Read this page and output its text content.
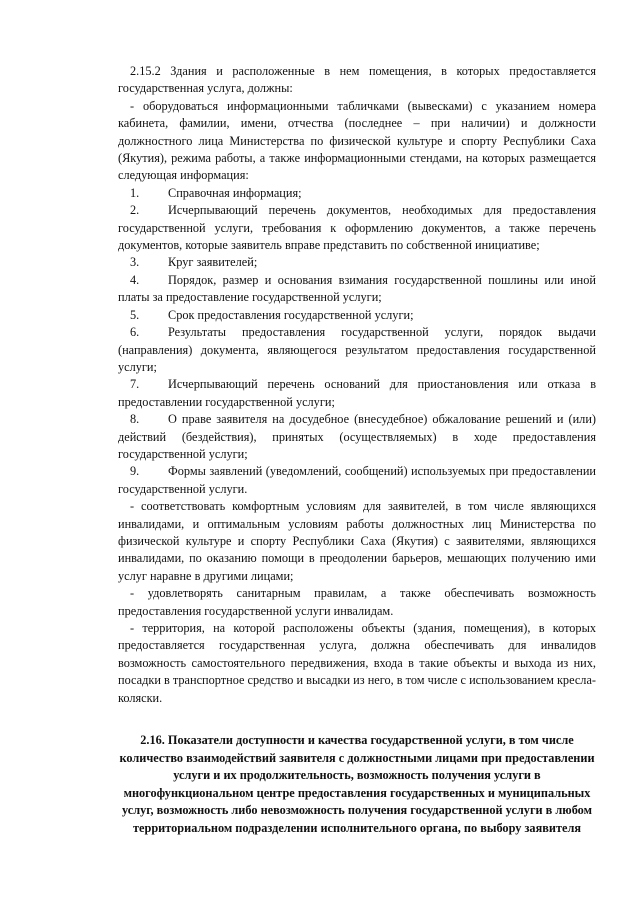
2.15.2 Здания и расположенные в нем помещения, в которых предоставляется государственная услуга, должны:

- оборудоваться информационными табличками (вывесками) с указанием номера кабинета, фамилии, имени, отчества (последнее – при наличии) и должности должностного лица Министерства по физической культуре и спорту Республики Саха (Якутия), режима работы, а также информационными стендами, на которых размещается следующая информация:

1. Справочная информация;

2. Исчерпывающий перечень документов, необходимых для предоставления государственной услуги, требования к оформлению документов, а также перечень документов, которые заявитель вправе представить по собственной инициативе;

3. Круг заявителей;

4. Порядок, размер и основания взимания государственной пошлины или иной платы за предоставление государственной услуги;

5. Срок предоставления государственной услуги;

6. Результаты предоставления государственной услуги, порядок выдачи (направления) документа, являющегося результатом предоставления государственной услуги;

7. Исчерпывающий перечень оснований для приостановления или отказа в предоставлении государственной услуги;

8. О праве заявителя на досудебное (внесудебное) обжалование решений и (или) действий (бездействия), принятых (осуществляемых) в ходе предоставления государственной услуги;

9. Формы заявлений (уведомлений, сообщений) используемых при предоставлении государственной услуги.

- соответствовать комфортным условиям для заявителей, в том числе являющихся инвалидами, и оптимальным условиям работы должностных лиц Министерства по физической культуре и спорту Республики Саха (Якутия) с заявителями, являющихся инвалидами, по оказанию помощи в преодолении барьеров, мешающих получению ими услуг наравне в другими лицами;

- удовлетворять санитарным правилам, а также обеспечивать возможность предоставления государственной услуги инвалидам.

- территория, на которой расположены объекты (здания, помещения), в которых предоставляется государственная услуга, должна обеспечивать для инвалидов возможность самостоятельного передвижения, входа в такие объекты и выхода из них, посадки в транспортное средство и высадки из него, в том числе с использованием кресла-коляски.

2.16. Показатели доступности и качества государственной услуги, в том числе количество взаимодействий заявителя с должностными лицами при предоставлении услуги и их продолжительность, возможность получения услуги в многофункциональном центре предоставления государственных и муниципальных услуг, возможность либо невозможность получения государственной услуги в любом территориальном подразделении исполнительного органа, по выбору заявителя
